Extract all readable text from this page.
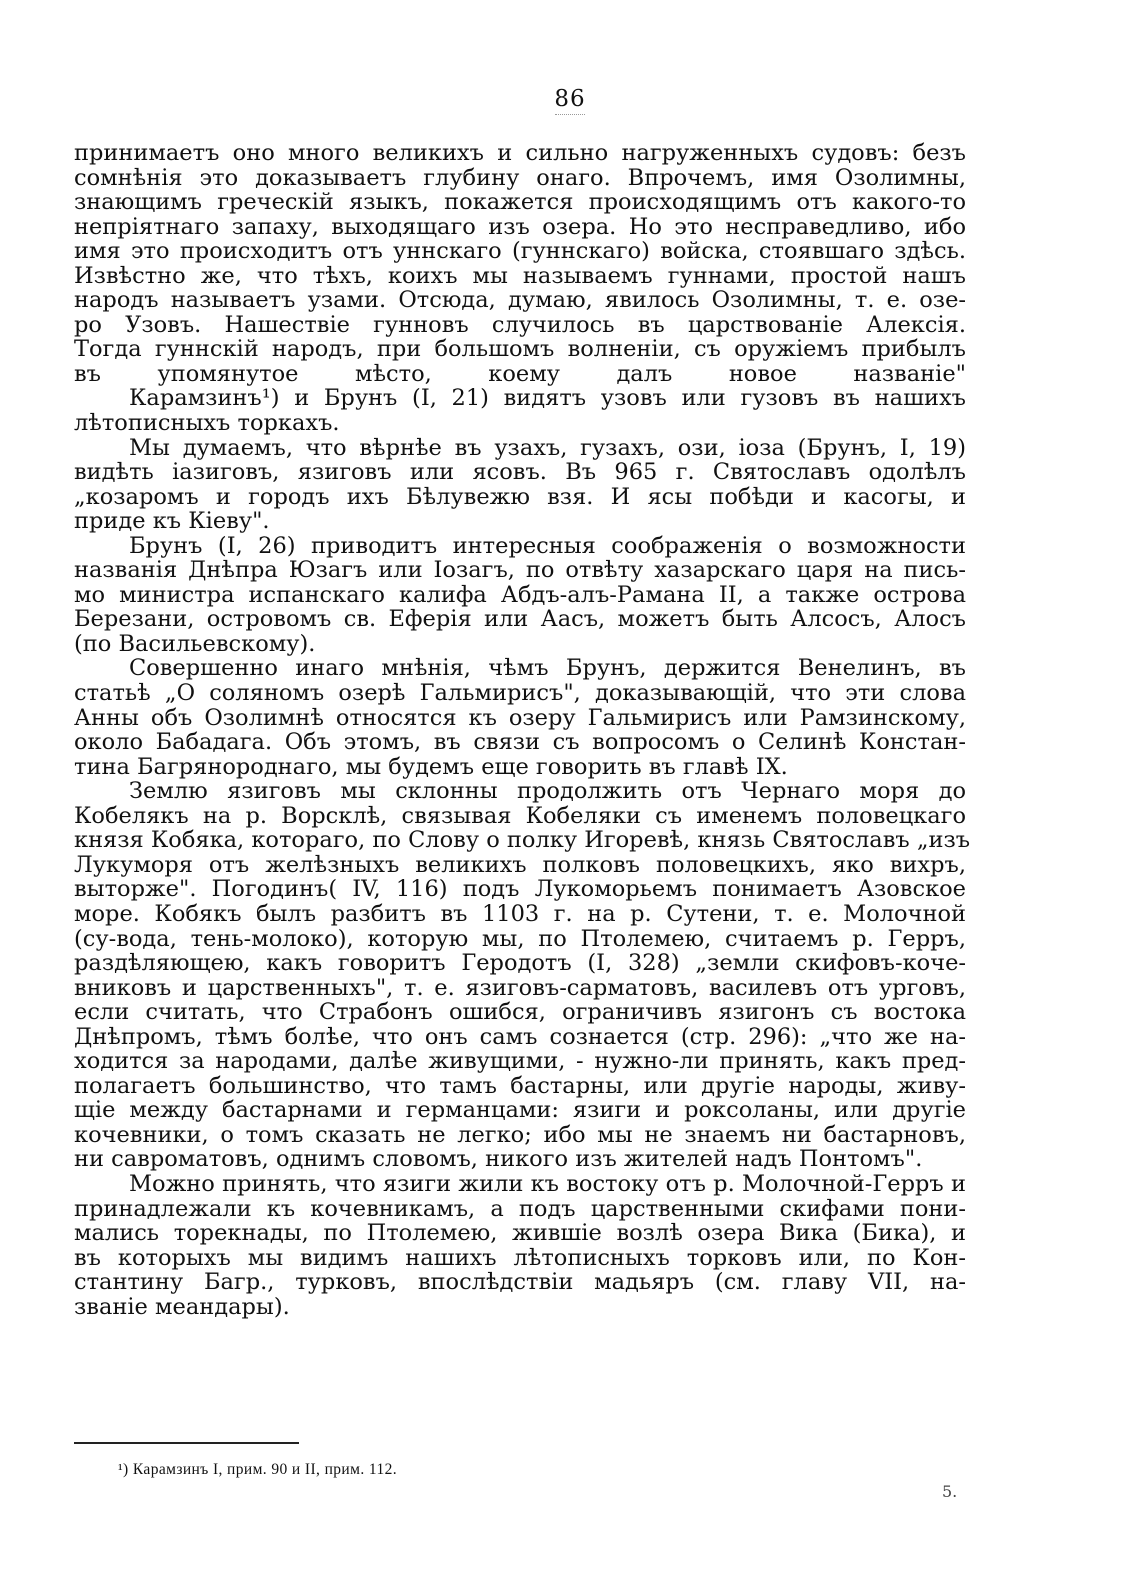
86
принимаетъ оно много великихъ и сильно нагруженныхъ судовъ: безъ
сомнѣнія это доказываетъ глубину онаго. Впрочемъ, имя Озолимны,
знающимъ греческій языкъ, покажется происходящимъ отъ какого-то
непріятнаго запаху, выходящаго изъ озера. Но это несправедливо, ибо
имя это происходитъ отъ уннскаго (гуннскаго) войска, стоявшаго здѣсь.
Извѣстно же, что тѣхъ, коихъ мы называемъ гуннами, простой нашъ
народъ называетъ узами. Отсюда, думаю, явилось Озолимны, т. е. озе-
ро Узовъ. Нашествіе гунновъ случилось въ царствованіе Алексія.
Тогда гуннскій народъ, при большомъ волненіи, съ оружіемъ прибылъ
въ упомянутое мѣсто, коему далъ новое названіе"
Карамзинъ¹) и Брунъ (I, 21) видятъ узовъ или гузовъ въ нашихъ
лѣтописныхъ торкахъ.
Мы думаемъ, что вѣрнѣе въ узахъ, гузахъ, ози, іоза (Брунъ, I, 19)
видѣть іазиговъ, язиговъ или ясовъ. Въ 965 г. Святославъ одолѣлъ
„козаромъ и городъ ихъ Бѣлувежю взя. И ясы побѣди и касогы, и
приде къ Кіеву".
Брунъ (I, 26) приводитъ интересныя соображенія о возможности
названія Днѣпра Юзагъ или Іозагъ, по отвѣту хазарскаго царя на пись-
мо министра испанскаго калифа Абдъ-алъ-Рамана II, а также острова
Березани, островомъ св. Еферія или Аасъ, можетъ быть Алсосъ, Алосъ
(по Васильевскому).
Совершенно инаго мнѣнія, чѣмъ Брунъ, держится Венелинъ, въ
статьѣ „О солянoмъ озерѣ Гальмирисъ", доказывающій, что эти слова
Анны объ Озолимнѣ относятся къ озеру Гальмирисъ или Рамзинскому,
около Бабадага. Объ этомъ, въ связи съ вопросомъ о Селинѣ Констан-
тина Багрянороднаго, мы будемъ еще говорить въ главѣ IX.
Землю язиговъ мы склонны продолжить отъ Чернаго моря до
Кобелякъ на р. Ворсклѣ, связывая Кобеляки съ именемъ половецкаго
князя Кобяка, котораго, по Слову о полку Игоревѣ, князь Святославъ „изъ
Лукуморя отъ желѣзныхъ великихъ полковъ половецкихъ, яко вихръ,
выторже". Погодинъ( IV, 116) подъ Лукоморьемъ понимаетъ Азовское
море. Кобякъ былъ разбитъ въ 1103 г. на р. Сутени, т. е. Молочной
(су-вода, тень-молоко), которую мы, по Птолемею, считаемъ р. Герръ,
раздѣляющею, какъ говоритъ Геродотъ (I, 328) „земли скифовъ-коче-
вниковъ и царственныхъ", т. е. язиговъ-сарматовъ, василевъ отъ урговъ,
если считать, что Страбонъ ошибся, ограничивъ язигонъ съ востока
Днѣпромъ, тѣмъ болѣе, что онъ самъ сознается (стр. 296): „что же на-
ходится за народами, далѣе живущими, - нужно-ли принять, какъ пред-
полагаетъ большинство, что тамъ бастарны, или другіе народы, живу-
щіе между бастарнами и германцами: язиги и роксоланы, или другіе
кочевники, о томъ сказать не легко; ибо мы не знаемъ ни бастарновъ,
ни савроматовъ, однимъ словомъ, никого изъ жителей надъ Понтомъ".
Можно принять, что язиги жили къ востоку отъ р. Молочной-Герръ и
принадлежали къ кочевникамъ, а подъ царственными скифами пони-
мались торекнады, по Птолемею, жившіе возлѣ озера Вика (Бика), и
въ которыхъ мы видимъ нашихъ лѣтописныхъ торковъ или, по Кон-
стантину Багр., турковъ, впослѣдствіи мадьяръ (см. главу VII, на-
званіе меандары).
¹) Карамзинъ I, прим. 90 и II, прим. 112.
5.
